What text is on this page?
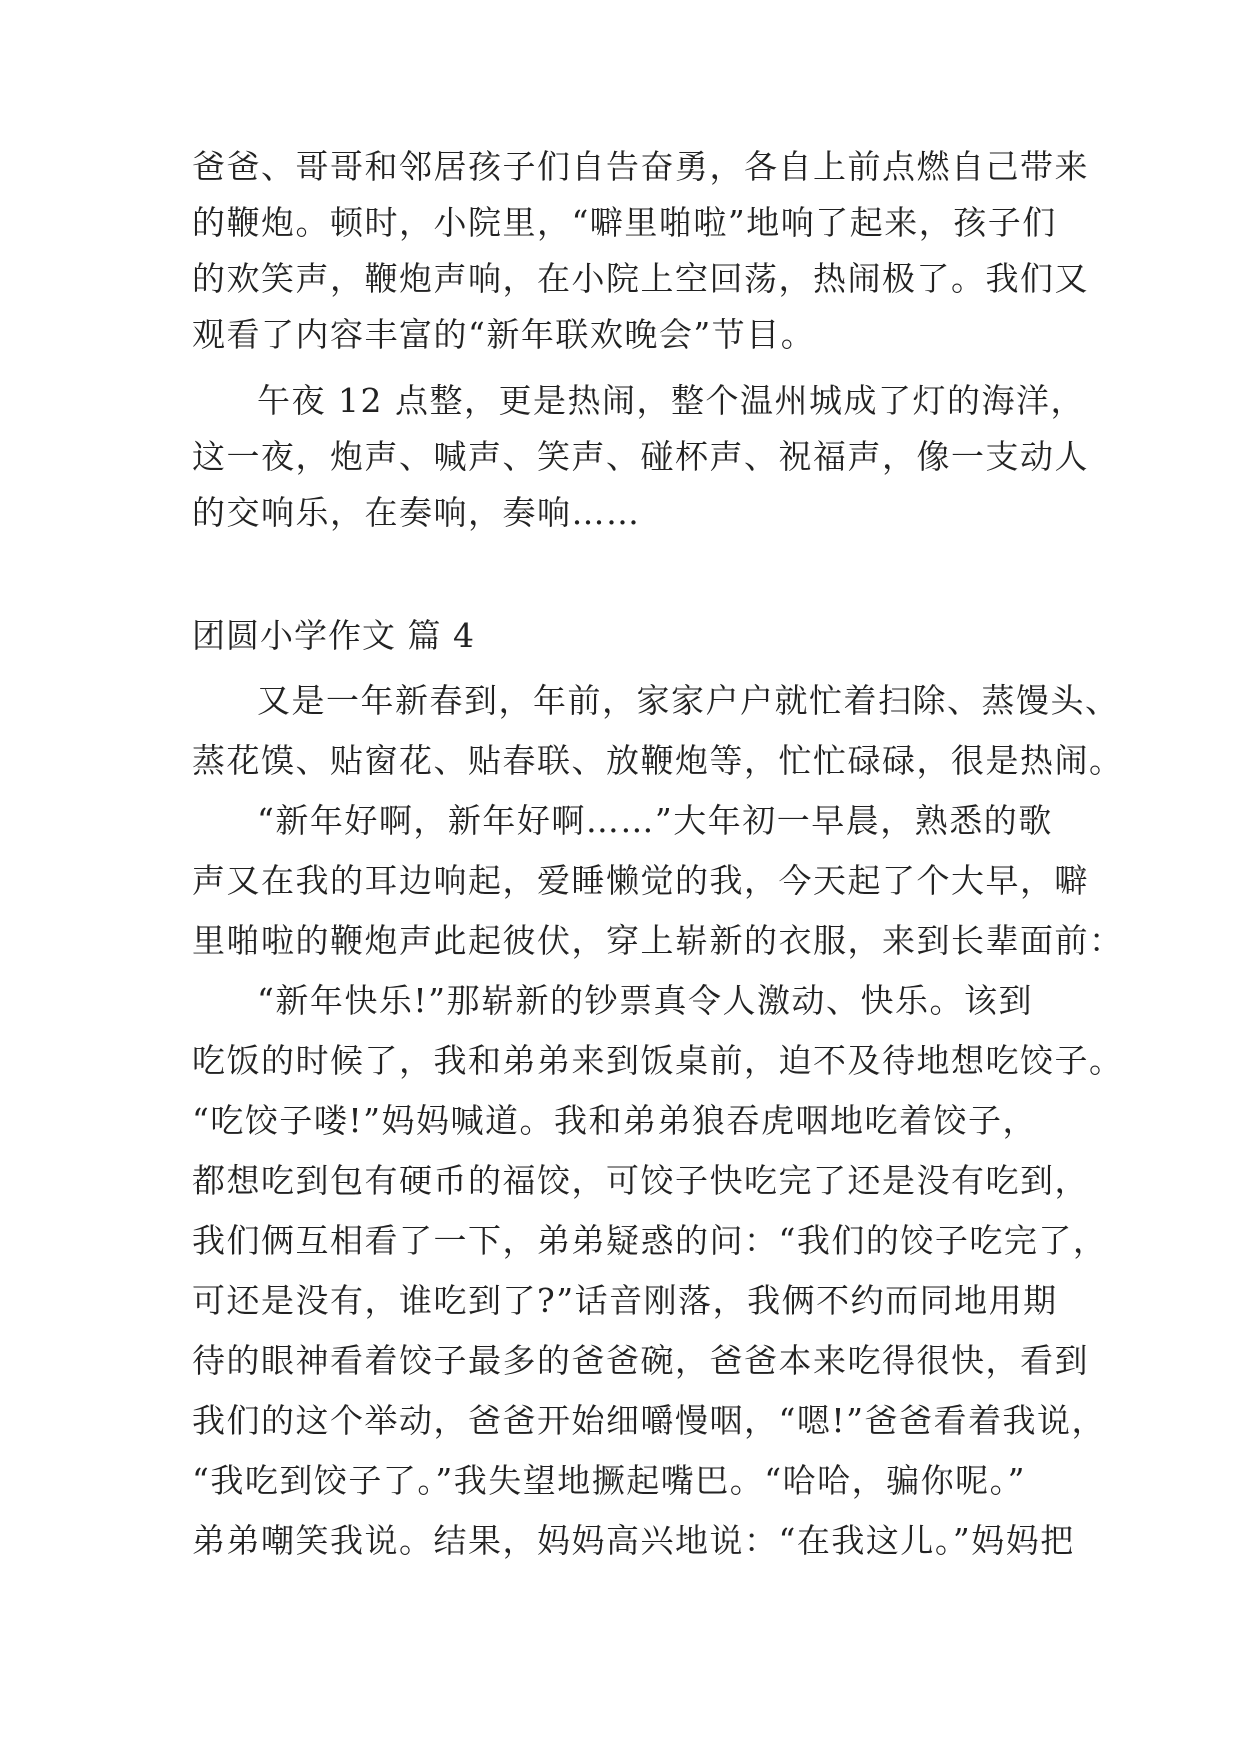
爸爸、哥哥和邻居孩子们自告奋勇，各自上前点燃自己带来
的鞭炮。顿时，小院里，“噼里啪啦”地响了起来，孩子们
的欢笑声，鞭炮声响，在小院上空回荡，热闹极了。我们又
观看了内容丰富的“新年联欢晚会”节目。
午夜 12 点整，更是热闹，整个温州城成了灯的海洋，
这一夜，炮声、喊声、笑声、碰杯声、祝福声，像一支动人
的交响乐，在奏响，奏响……
团圆小学作文 篇 4
又是一年新春到，年前，家家户户就忙着扫除、蒸馒头、
蒸花馍、贴窗花、贴春联、放鞭炮等，忙忙碌碌，很是热闹。
“新年好啊，新年好啊……”大年初一早晨，熟悉的歌
声又在我的耳边响起，爱睡懒觉的我，今天起了个大早，噼
里啪啦的鞭炮声此起彼伏，穿上崭新的衣服，来到长辈面前：
“新年快乐!”那崭新的钞票真令人激动、快乐。该到
吃饭的时候了，我和弟弟来到饭桌前，迫不及待地想吃饺子。
“吃饺子喽!”妈妈喊道。我和弟弟狼吞虎咽地吃着饺子，
都想吃到包有硬币的福饺，可饺子快吃完了还是没有吃到，
我们俩互相看了一下，弟弟疑惑的问：“我们的饺子吃完了，
可还是没有，谁吃到了?”话音刚落，我俩不约而同地用期
待的眼神看着饺子最多的爸爸碗，爸爸本来吃得很快，看到
我们的这个举动，爸爸开始细嚼慢咽，“嗯!”爸爸看着我说，
“我吃到饺子了。”我失望地撅起嘴巴。“哈哈，骗你呢。”
弟弟嘲笑我说。结果，妈妈高兴地说：“在我这儿。”妈妈把
